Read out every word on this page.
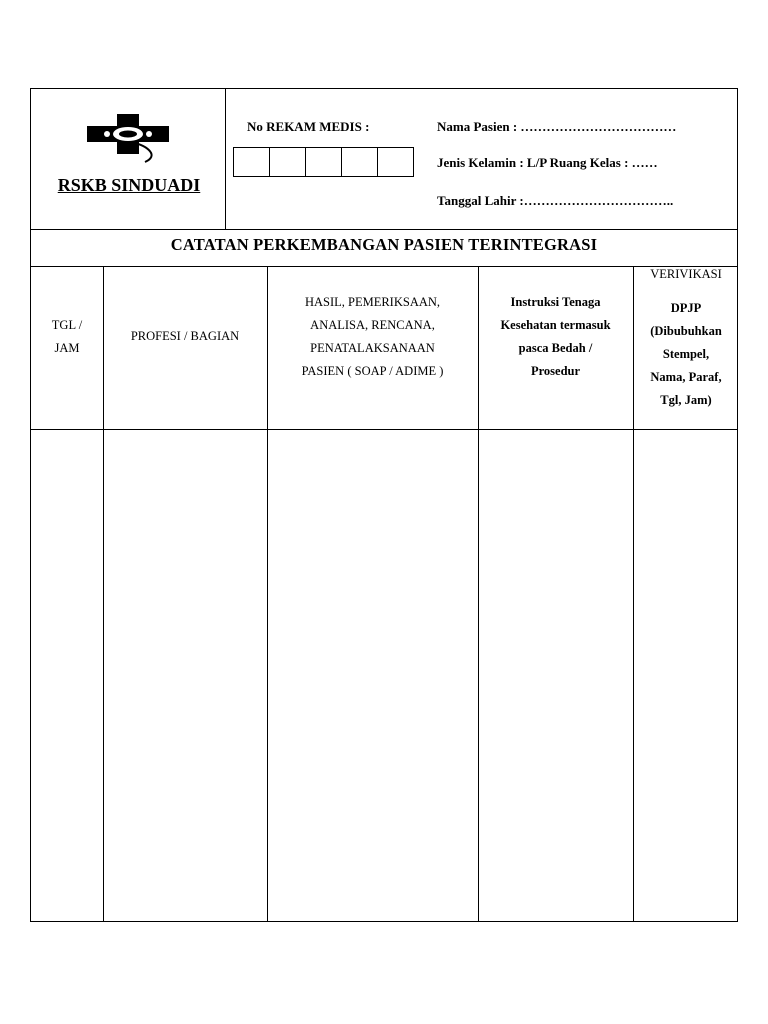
RSKB SINDUADI
No REKAM MEDIS :	Nama Pasien : ………………………………
Jenis Kelamin : L/P Ruang Kelas : ……
Tanggal Lahir :……………………………..
CATATAN PERKEMBANGAN PASIEN TERINTEGRASI
TGL /
JAM
PROFESI / BAGIAN
HASIL, PEMERIKSAAN,
ANALISA, RENCANA,
PENATALAKSANAAN
PASIEN ( SOAP / ADIME )
Instruksi Tenaga
Kesehatan termasuk
pasca Bedah /
Prosedur
VERIVIKASI
DPJP
(Dibubuhkan
Stempel,
Nama, Paraf,
Tgl, Jam)
